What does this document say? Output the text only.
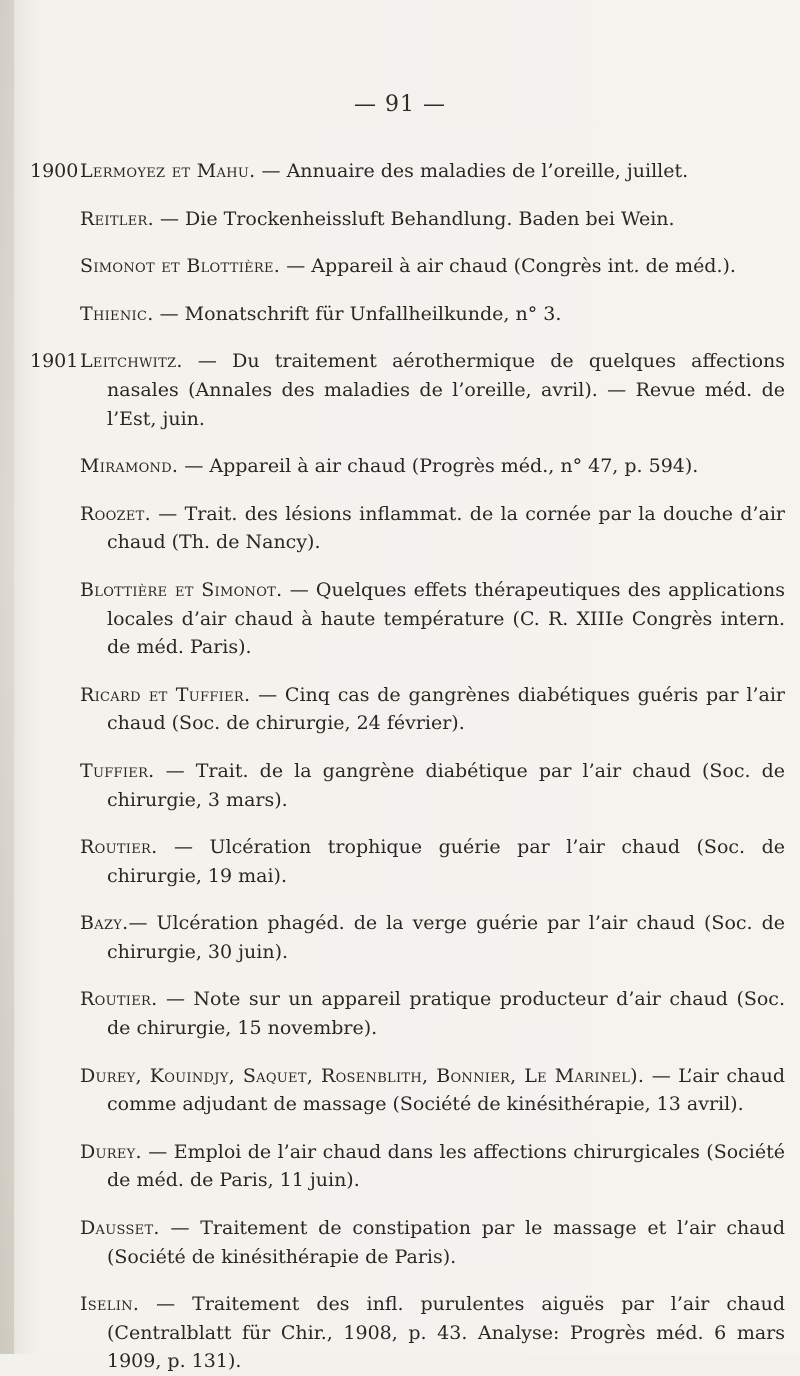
— 91 —
1900 Lermoyez et Mahu. — Annuaire des maladies de l’oreille, juillet.

Reitler. — Die Trockenheissluft Behandlung. Baden bei Wein.

Simonot et Blottière. — Appareil à air chaud (Congrès int. de méd.).

Thienic. — Monatschrift für Unfallheilkunde, n° 3.

1901 Leitchwitz. — Du traitement aérothermique de quelques affections nasales (Annales des maladies de l’oreille, avril). — Revue méd. de l’Est, juin.

Miramond. — Appareil à air chaud (Progrès méd., n° 47, p. 594).

Roozet. — Trait. des lésions inflammat. de la cornée par la douche d’air chaud (Th. de Nancy).

Blottière et Simonot. — Quelques effets thérapeutiques des applications locales d’air chaud à haute température (C. R. XIIIe Congrès intern. de méd. Paris).

Ricard et Tuffier. — Cinq cas de gangrènes diabétiques guéris par l’air chaud (Soc. de chirurgie, 24 février).

Tuffier. — Trait. de la gangrène diabétique par l’air chaud (Soc. de chirurgie, 3 mars).

Routier. — Ulcération trophique guérie par l’air chaud (Soc. de chirurgie, 19 mai).

Bazy.— Ulcération phagéd. de la verge guérie par l’air chaud (Soc. de chirurgie, 30 juin).

Routier. — Note sur un appareil pratique producteur d’air chaud (Soc. de chirurgie, 15 novembre).

Durey, Kouindjy, Saquet, Rosenblith, Bonnier, Le Marinel). — L’air chaud comme adjudant de massage (Société de kinésithérapie, 13 avril).

Durey. — Emploi de l’air chaud dans les affections chirurgicales (Société de méd. de Paris, 11 juin).

Dausset. — Traitement de constipation par le massage et l’air chaud (Société de kinésithérapie de Paris).

Iselin. — Traitement des infl. purulentes aiguës par l’air chaud (Centralblatt für Chir., 1908, p. 43. Analyse: Progrès méd. 6 mars 1909, p. 131).
